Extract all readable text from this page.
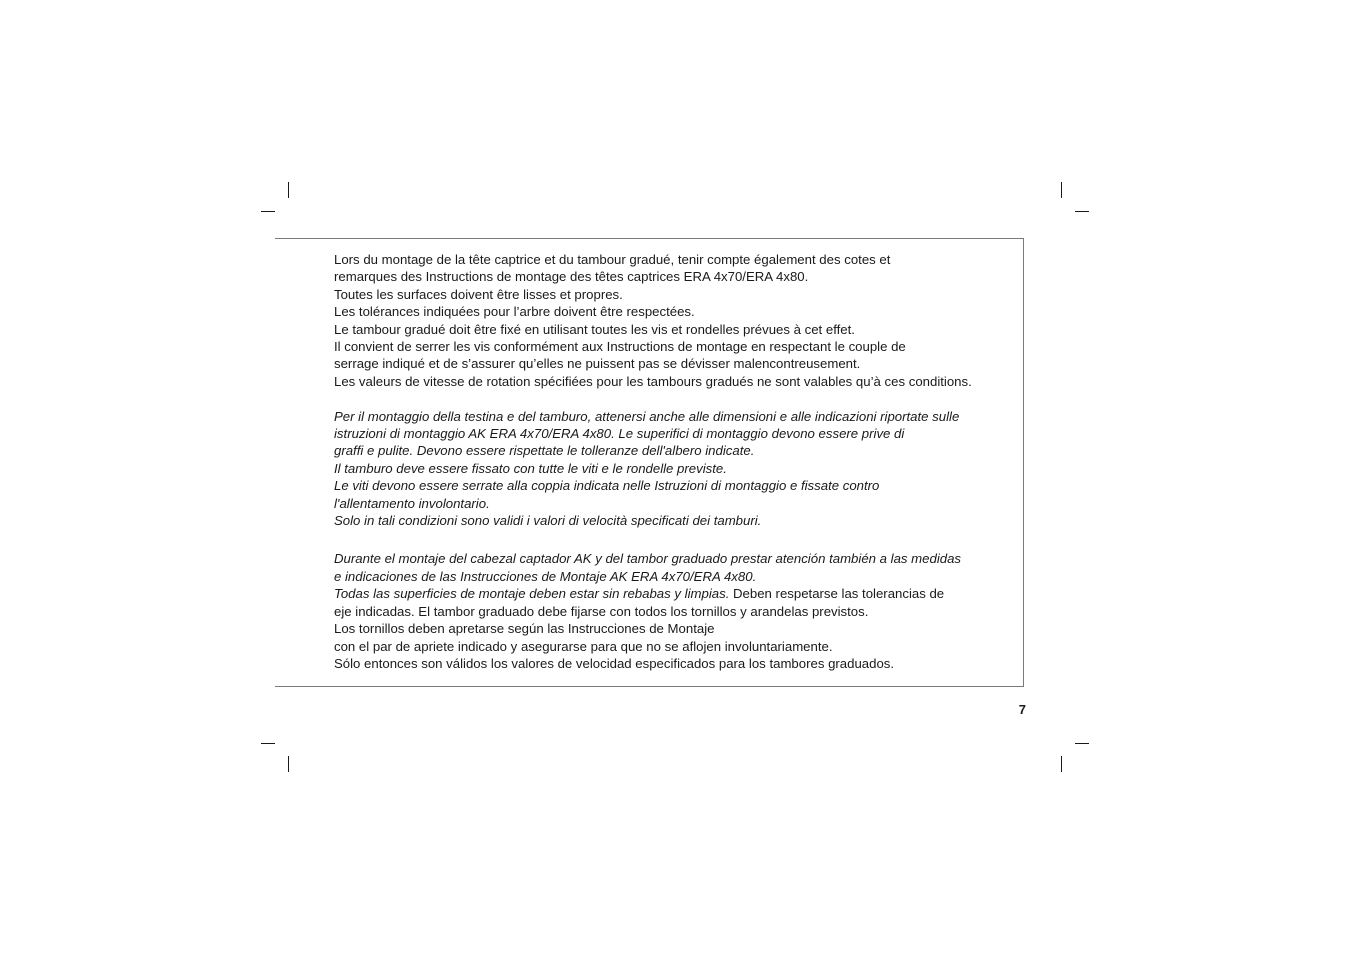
Lors du montage de la tête captrice et du tambour gradué, tenir compte également des cotes et

remarques des Instructions de montage des têtes captrices ERA 4x70/ERA 4x80.

Toutes les surfaces doivent être lisses et propres.

Les tolérances indiquées pour l’arbre doivent être respectées.

Le tambour gradué doit être fixé en utilisant toutes les vis et rondelles prévues à cet effet.

Il convient de serrer les vis conformément aux Instructions de montage en respectant le couple de

serrage indiqué et de s’assurer qu’elles ne puissent pas se dévisser malencontreusement.

Les valeurs de vitesse de rotation spécifiées pour les tambours gradués ne sont valables qu’à ces conditions.

Per il montaggio della testina e del tamburo, attenersi anche alle dimensioni e alle indicazioni riportate sulle

istruzioni di montaggio AK ERA 4x70/ERA 4x80. Le superifici di montaggio devono essere prive di

graffi e pulite. Devono essere rispettate le tolleranze dell'albero indicate.

Il tamburo deve essere fissato con tutte le viti e le rondelle previste.

Le viti devono essere serrate alla coppia indicata nelle Istruzioni di montaggio e fissate contro

l'allentamento involontario.

Solo in tali condizioni sono validi i valori di velocità specificati dei tamburi.

Durante el montaje del cabezal captador AK y del tambor graduado prestar atención también a las medidas

e indicaciones de las Instrucciones de Montaje AK ERA 4x70/ERA 4x80.

Todas las superficies de montaje deben estar sin rebabas y limpias. Deben respetarse las tolerancias de

eje indicadas. El tambor graduado debe fijarse con todos los tornillos y arandelas previstos.

Los tornillos deben apretarse según las Instrucciones de Montaje

con el par de apriete indicado y asegurarse para que no se aflojen involuntariamente.

Sólo entonces son válidos los valores de velocidad especificados para los tambores graduados.

7
